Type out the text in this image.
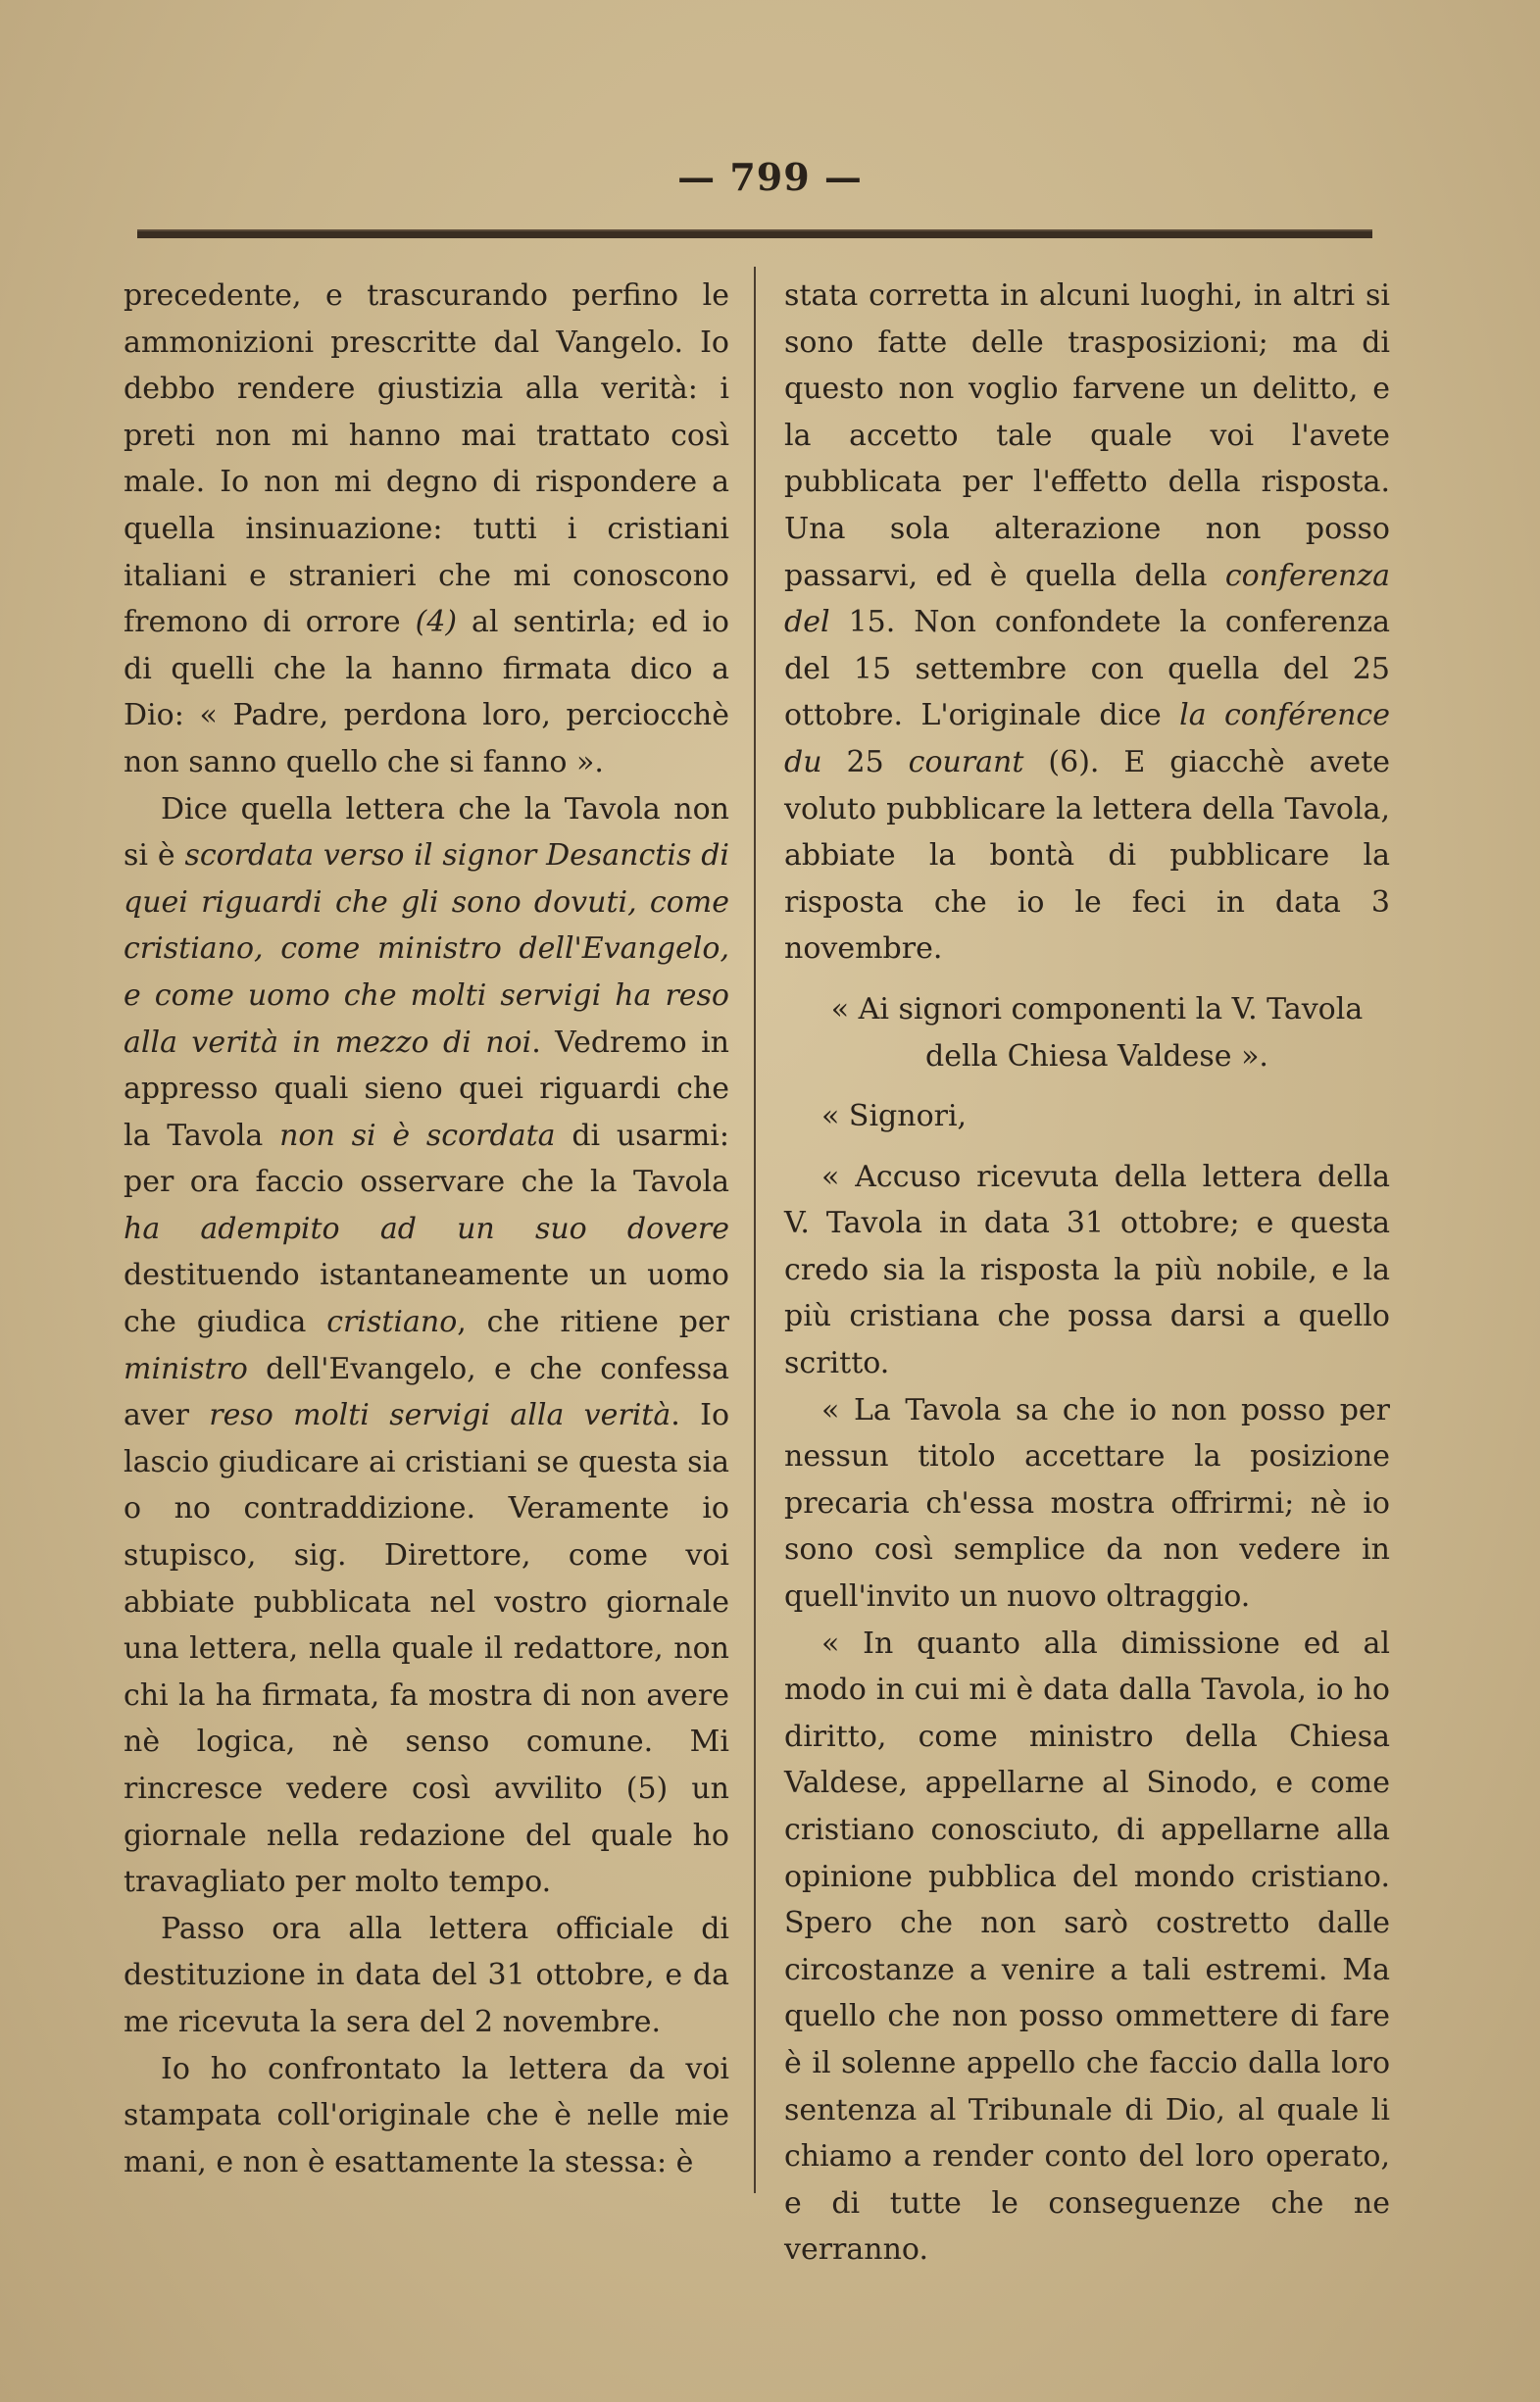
— 799 —

precedente, e trascurando perfino le ammonizioni prescritte dal Vangelo. Io debbo rendere giustizia alla verità: i preti non mi hanno mai trattato così male. Io non mi degno di rispondere a quella insinuazione: tutti i cristiani italiani e stranieri che mi conoscono fremono di orrore (4) al sentirla; ed io di quelli che la hanno firmata dico a Dio: « Padre, perdona loro, perciocchè non sanno quello che si fanno ».

Dice quella lettera che la Tavola non si è scordata verso il signor Desanctis di quei riguardi che gli sono dovuti, come cristiano, come ministro dell'Evangelo, e come uomo che molti servigi ha reso alla verità in mezzo di noi. Vedremo in appresso quali sieno quei riguardi che la Tavola non si è scordata di usarmi: per ora faccio osservare che la Tavola ha adempito ad un suo dovere destituendo istantaneamente un uomo che giudica cristiano, che ritiene per ministro dell'Evangelo, e che confessa aver reso molti servigi alla verità. Io lascio giudicare ai cristiani se questa sia o no contraddizione. Veramente io stupisco, sig. Direttore, come voi abbiate pubblicata nel vostro giornale una lettera, nella quale il redattore, non chi la ha firmata, fa mostra di non avere nè logica, nè senso comune. Mi rincresce vedere così avvilito (5) un giornale nella redazione del quale ho travagliato per molto tempo.

Passo ora alla lettera officiale di destituzione in data del 31 ottobre, e da me ricevuta la sera del 2 novembre.

Io ho confrontato la lettera da voi stampata coll'originale che è nelle mie mani, e non è esattamente la stessa: è

stata corretta in alcuni luoghi, in altri si sono fatte delle trasposizioni; ma di questo non voglio farvene un delitto, e la accetto tale quale voi l'avete pubblicata per l'effetto della risposta. Una sola alterazione non posso passarvi, ed è quella della conferenza del 15. Non confondete la conferenza del 15 settembre con quella del 25 ottobre. L'originale dice la conférence du 25 courant (6). E giacchè avete voluto pubblicare la lettera della Tavola, abbiate la bontà di pubblicare la risposta che io le feci in data 3 novembre.

« Ai signori componenti la V. Tavola della Chiesa Valdese ».

« Signori,

« Accuso ricevuta della lettera della V. Tavola in data 31 ottobre; e questa credo sia la risposta la più nobile, e la più cristiana che possa darsi a quello scritto.

« La Tavola sa che io non posso per nessun titolo accettare la posizione precaria ch'essa mostra offrirmi; nè io sono così semplice da non vedere in quell'invito un nuovo oltraggio.

« In quanto alla dimissione ed al modo in cui mi è data dalla Tavola, io ho diritto, come ministro della Chiesa Valdese, appellarne al Sinodo, e come cristiano conosciuto, di appellarne alla opinione pubblica del mondo cristiano. Spero che non sarò costretto dalle circostanze a venire a tali estremi. Ma quello che non posso ommettere di fare è il solenne appello che faccio dalla loro sentenza al Tribunale di Dio, al quale li chiamo a render conto del loro operato, e di tutte le conseguenze che ne verranno.
